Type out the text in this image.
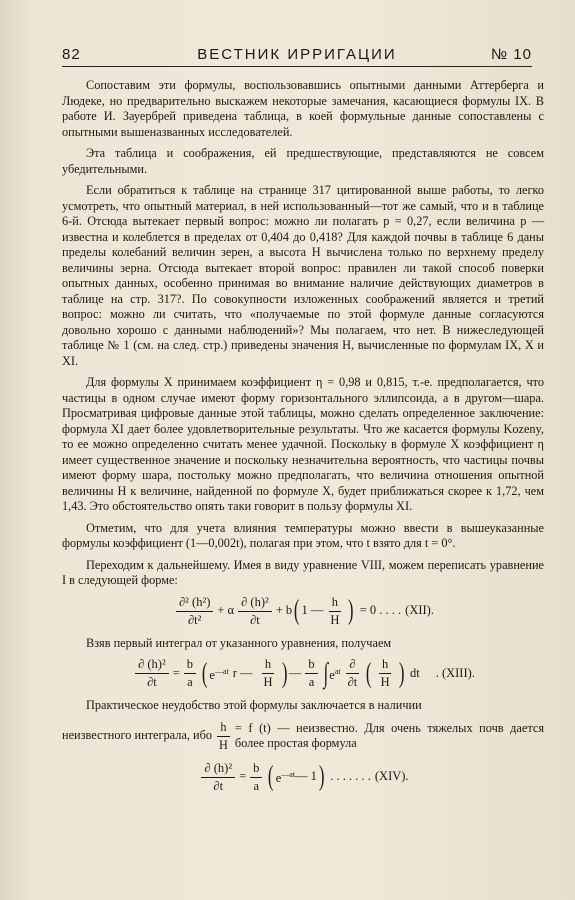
82	ВЕСТНИК ИРРИГАЦИИ	№ 10

Сопоставим эти формулы, воспользовавшись опытными данными Аттерберга и Людеке, но предварительно выскажем некоторые замечания, касающиеся формулы IX. В работе И. Зауербрей приведена таблица, в коей формульные данные сопоставлены с опытными вышеназванных исследователей.

Эта таблица и соображения, ей предшествующие, представляются не совсем убедительными.

Если обратиться к таблице на странице 317 цитированной выше работы, то легко усмотреть, что опытный материал, в ней использованный—тот же самый, что и в таблице 6-й. Отсюда вытекает первый вопрос: можно ли полагать p = 0,27, если величина p — известна и колеблется в пределах от 0,404 до 0,418? Для каждой почвы в таблице 6 даны пределы колебаний величин зерен, а высота H вычислена только по верхнему пределу величины зерна. Отсюда вытекает второй вопрос: правилен ли такой способ поверки опытных данных, особенно принимая во внимание наличие действующих диаметров в таблице на стр. 317?. По совокупности изложенных соображений является и третий вопрос: можно ли считать, что «получаемые по этой формуле данные согласуются довольно хорошо с данными наблюдений»? Мы полагаем, что нет. В нижеследующей таблице № 1 (см. на след. стр.) приведены значения H, вычисленные по формулам IX, X и XI.

Для формулы X принимаем коэффициент η = 0,98 и 0,815, т.-е. предполагается, что частицы в одном случае имеют форму горизонтального эллипсоида, а в другом—шара. Просматривая цифровые данные этой таблицы, можно сделать определенное заключение: формула XI дает более удовлетворительные результаты. Что же касается формулы Kozeny, то ее можно определенно считать менее удачной. Поскольку в формуле X коэффициент η имеет существенное значение и поскольку незначительна вероятность, что частицы почвы имеют форму шара, постольку можно предполагать, что величина отношения опытной величины H к величине, найденной по формуле X, будет приближаться скорее к 1,72, чем 1,43. Это обстоятельство опять таки говорит в пользу формулы XI.

Отметим, что для учета влияния температуры можно ввести в вышеуказанные формулы коэффициент (1—0,002t), полагая при этом, что t взято для t = 0°.

Переходим к дальнейшему. Имея в виду уравнение VIII, можем переписать уравнение I в следующей форме:

$\frac{\text{∂² (h²)}}{\text{∂t²}} + \alpha \frac{\text{∂ (h)²}}{\partial t} + b$ ( 1 — $\frac{h}{H}$ ) = 0 . . . . (XII).

Взяв первый интеграл от указанного уравнения, получаем

$\frac{\text{∂ (h)²}}{\partial t} = \frac{b}{a}$ ( $e^{—at}$ r — $\frac{h}{H}$ ) — $\frac{b}{a}$ ∫ $e^{at} \frac{\partial}{\partial t}$ ( $\frac{h}{H}$ ) dt . (XIII).

Практическое неудобство этой формулы заключается в наличии

неизвестного интеграла, ибо $\frac{h}{H} = f$ (t) — неизвестно. Для очень тяжелых почв дается более простая формула
$\frac{\text{∂ (h)²}}{\partial t} = \frac{b}{a}$ ( $e^{—at}$ — 1 ) . . . . . . . (XIV).
